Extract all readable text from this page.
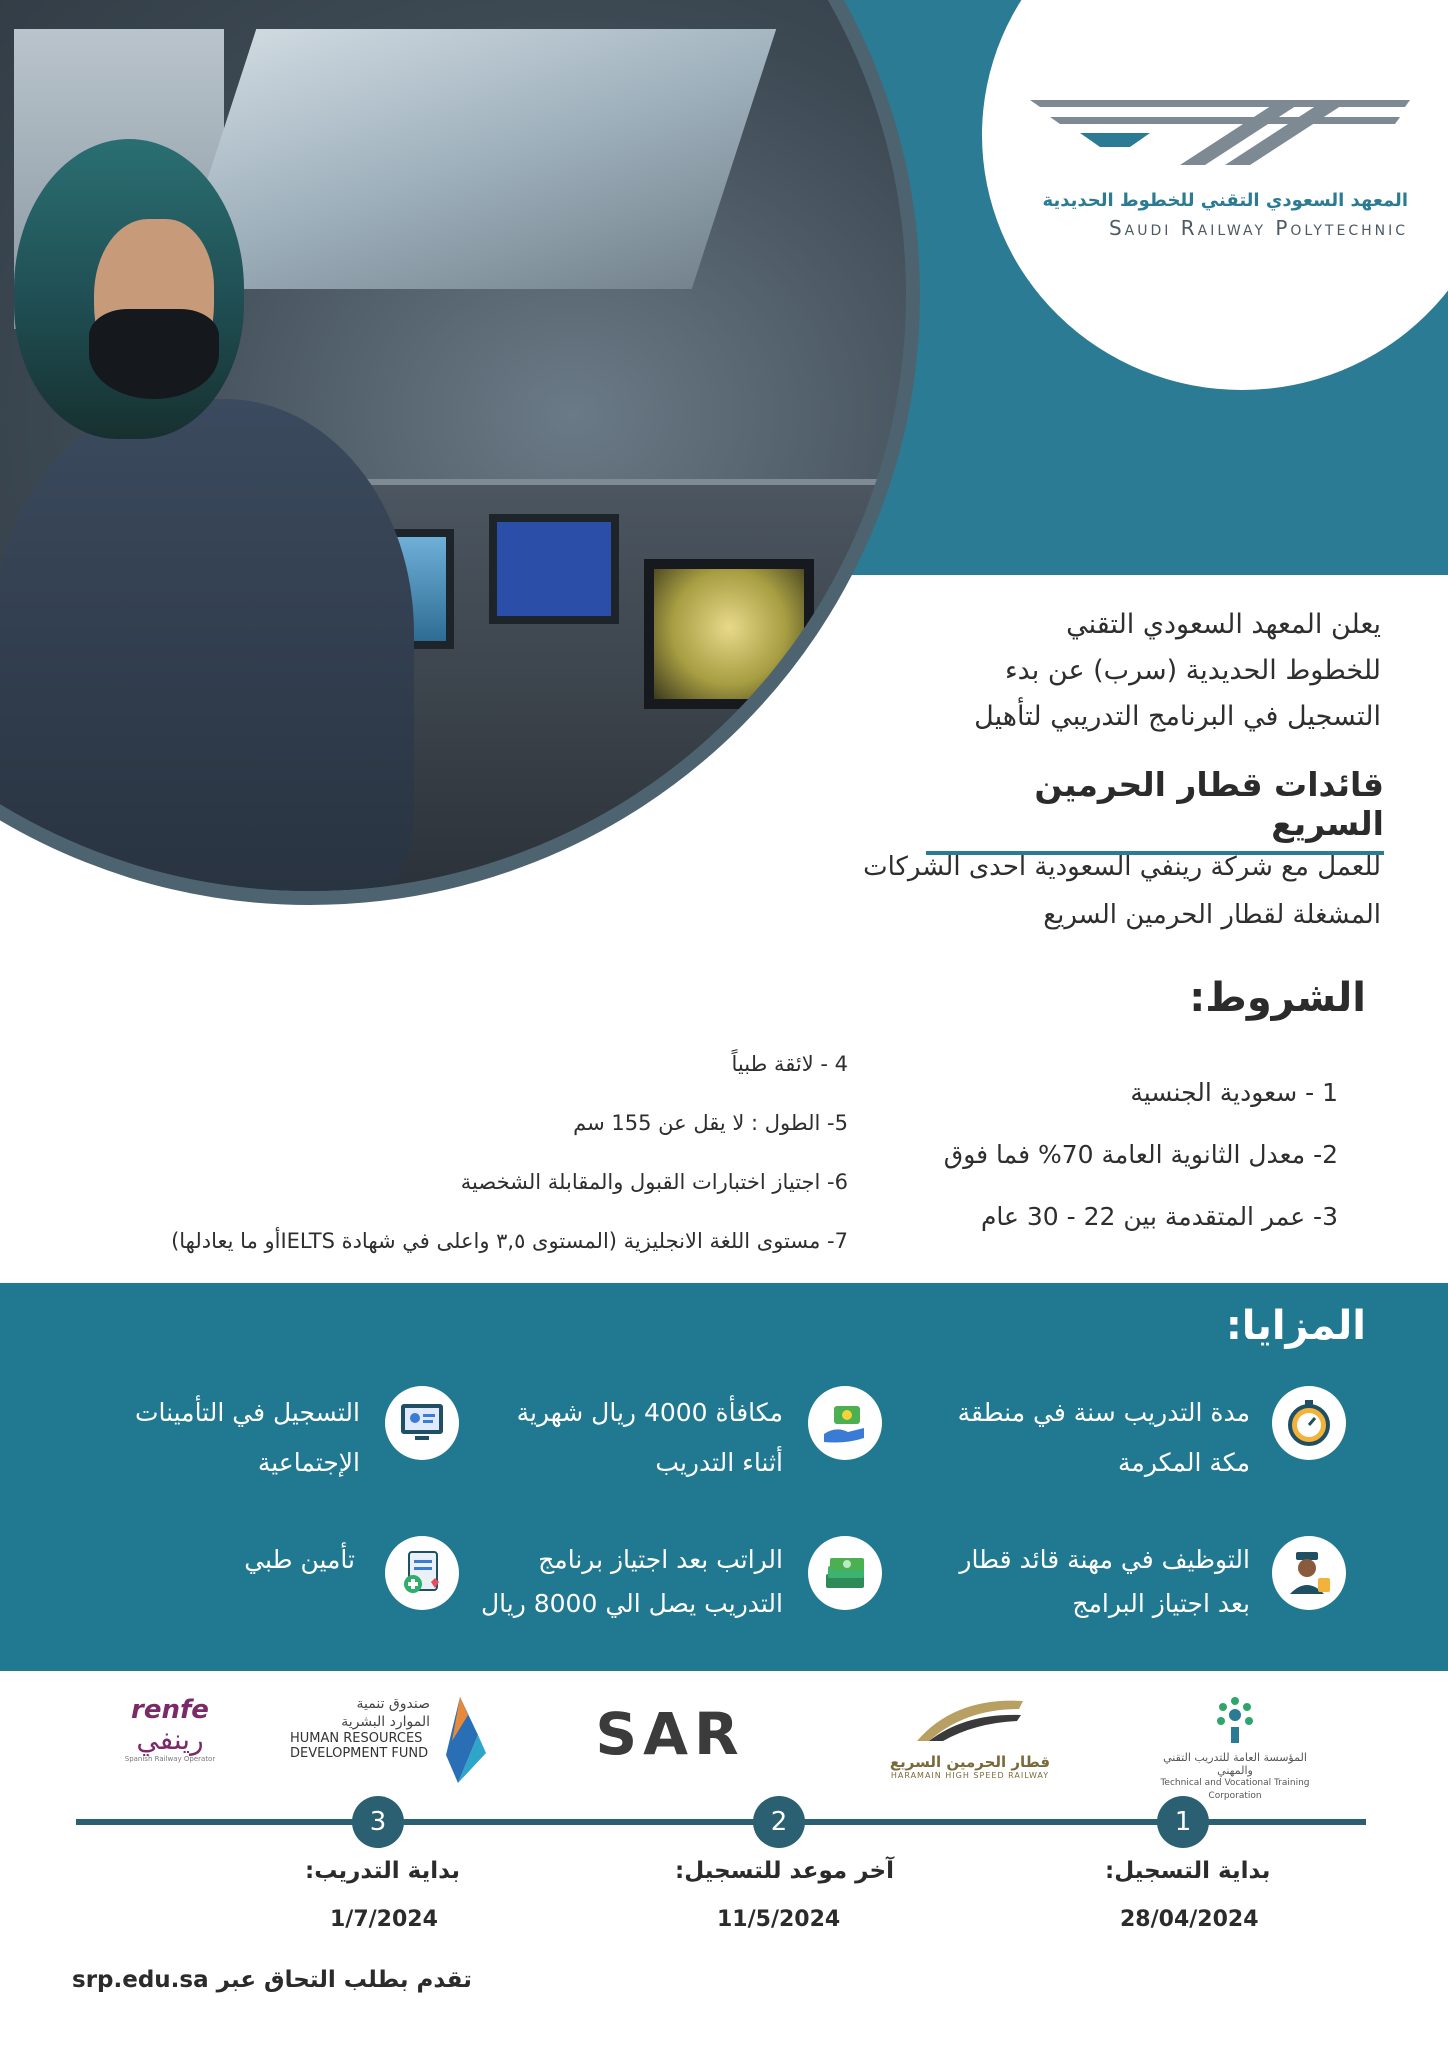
المعهد السعودي التقني للخطوط الحديدية
Saudi Railway Polytechnic
يعلن المعهد السعودي التقني
للخطوط الحديدية (سرب) عن بدء
التسجيل في البرنامج التدريبي لتأهيل
قائدات قطار الحرمين السريع
للعمل مع شركة رينفي السعودية احدى الشركات
المشغلة لقطار الحرمين السريع
الشروط:
1 - سعودية الجنسية
2- معدل الثانوية العامة 70% فما فوق
3- عمر المتقدمة بين 22 - 30 عام
4 - لائقة طبياً
5- الطول : لا يقل عن 155 سم
6- اجتياز اختبارات القبول والمقابلة الشخصية
7- مستوى اللغة الانجليزية (المستوى ٣,٥ واعلى في شهادة IELTSأو ما يعادلها)
المزايا:
مدة التدريب سنة في منطقة
مكة المكرمة
مكافأة 4000 ريال شهرية
أثناء التدريب
التسجيل في التأمينات
الإجتماعية
التوظيف في مهنة قائد قطار
بعد اجتياز البرامج
الراتب بعد اجتياز برنامج
التدريب يصل الي 8000 ريال
تأمين طبي
المؤسسة العامة للتدريب التقني والمهني
Technical and Vocational Training Corporation
قطار الحرمين السريع
HARAMAIN HIGH SPEED RAILWAY
SAR
صندوق تنمية
الموارد البشرية
HUMAN RESOURCES
DEVELOPMENT FUND
renfe
رينفي
Spanish Railway Operator
1
2
3
بداية التسجيل:
آخر موعد للتسجيل:
بداية التدريب:
28/04/2024
11/5/2024
1/7/2024
تقدم بطلب التحاق عبر srp.edu.sa
